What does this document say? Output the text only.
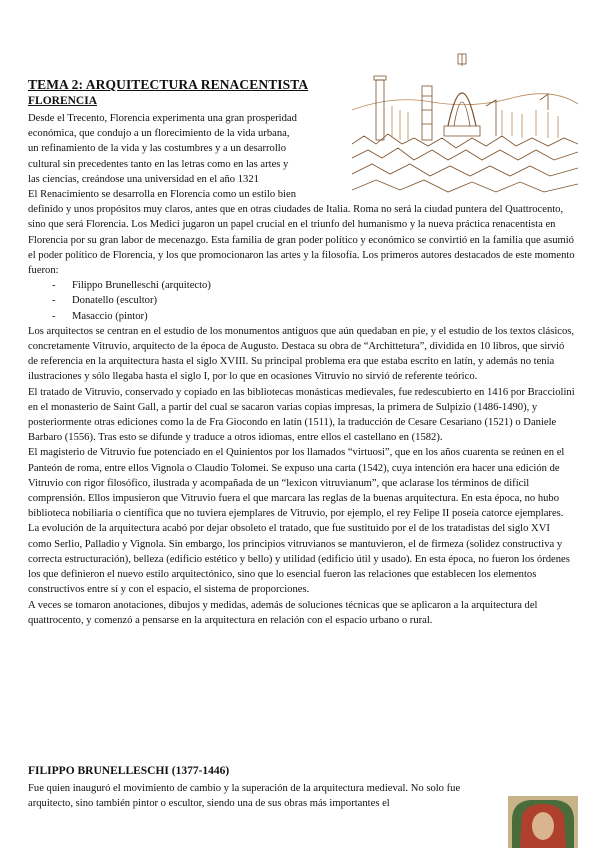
TEMA 2: ARQUITECTURA RENACENTISTA
FLORENCIA

Desde el Trecento, Florencia experimenta una gran prosperidad

económica, que condujo a un florecimiento de la vida urbana,

un refinamiento de la vida y las costumbres y a un desarrollo

cultural sin precedentes tanto en las letras como en las artes y

las ciencias, creándose una universidad en el año 1321

El Renacimiento se desarrolla en Florencia como un estilo bien

definido y unos propósitos muy claros, antes que en otras ciudades de Italia. Roma no será la ciudad puntera del Quattrocento, sino que será Florencia. Los Medici jugaron un papel crucial en el triunfo del humanismo y la nueva práctica renacentista en Florencia por su gran labor de mecenazgo. Esta familia de gran poder político y económico se convirtió en la familia que asumió el poder político de Florencia, y los que promocionaron las artes y la filosofía. Los primeros autores destacados de este momento fueron:

- Filippo Brunelleschi (arquitecto)
- Donatello (escultor)
- Masaccio (pintor)

Los arquitectos se centran en el estudio de los monumentos antiguos que aún quedaban en pie, y el estudio de los textos clásicos, concretamente Vitruvio, arquitecto de la época de Augusto. Destaca su obra de “Archittetura”, dividida en 10 libros, que sirvió de referencia en la arquitectura hasta el siglo XVIII. Su principal problema era que estaba escrito en latín, y además no tenía ilustraciones y sólo llegaba hasta el siglo I, por lo que en ocasiones Vitruvio no sirvió de referente teórico.

El tratado de Vitruvio, conservado y copiado en las bibliotecas monásticas medievales, fue redescubierto en 1416 por Bracciolini en el monasterio de Saint Gall, a partir del cual se sacaron varias copias impresas, la primera de Sulpizio (1486-1490), y posteriormente otras ediciones como la de Fra Giocondo en latín (1511), la traducción de Cesare Cesariano (1521) o Daniele Barbaro (1556). Tras esto se difunde y traduce a otros idiomas, entre ellos el castellano en (1582).

El magisterio de Vitruvio fue potenciado en el Quinientos por los llamados “virtuosi”, que en los años cuarenta se reúnen en el Panteón de roma, entre ellos Vignola o Claudio Tolomei. Se expuso una carta (1542), cuya intención era hacer una edición de Vitruvio con rigor filosófico, ilustrada y acompañada de un “lexicon vitruvianum”, que aclarase los términos de difícil comprensión. Ellos impusieron que Vitruvio fuera el que marcara las reglas de la buenas arquitectura. En esta época, no hubo biblioteca nobiliaria o científica que no tuviera ejemplares de Vitruvio, por ejemplo, el rey Felipe II poseía catorce ejemplares.

La evolución de la arquitectura acabó por dejar obsoleto el tratado, que fue sustituido por el de los tratadistas del siglo XVI como Serlio, Palladio y Vignola. Sin embargo, los principios vitruvianos se mantuvieron, el de firmeza (solidez constructiva y correcta estructuración), belleza (edificio estético y bello) y utilidad (edificio útil y usado). En esta época, no fueron los órdenes los que definieron el nuevo estilo arquitectónico, sino que lo esencial fueron las relaciones que establecen los elementos constructivos entre sí y con el espacio, el sistema de proporciones.

A veces se tomaron anotaciones, dibujos y medidas, además de soluciones técnicas que se aplicaron a la arquitectura del quattrocento, y comenzó a pensarse en la arquitectura en relación con el espacio urbano o rural.

FILIPPO BRUNELLESCHI (1377-1446)

Fue quien inauguró el movimiento de cambio y la superación de la arquitectura medieval. No solo fue arquitecto, sino también pintor o escultor, siendo una de sus obras más importantes el
